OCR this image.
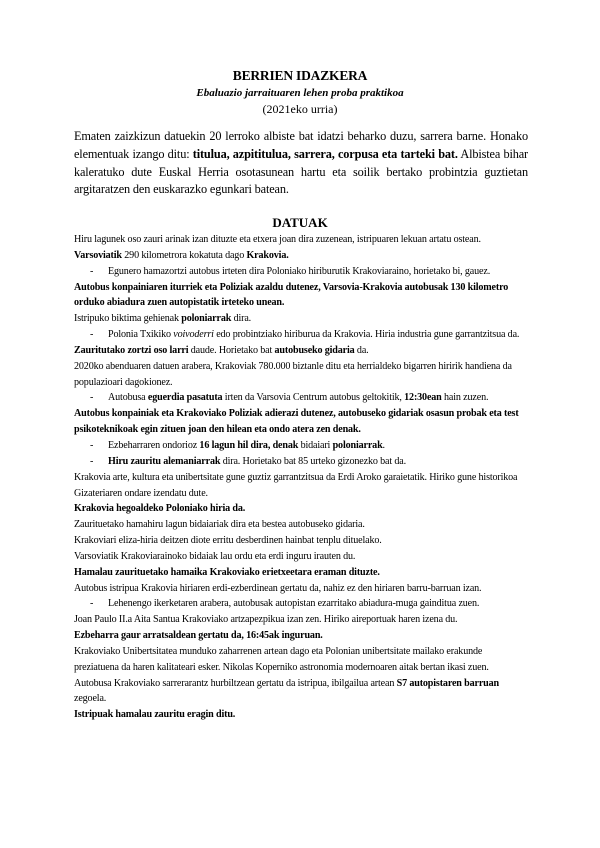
BERRIEN IDAZKERA
Ebaluazio jarraituaren lehen proba praktikoa
(2021eko urria)
Ematen zaizkizun datuekin 20 lerroko albiste bat idatzi beharko duzu, sarrera barne. Honako elementuak izango ditu: titulua, azpititulua, sarrera, corpusa eta tarteki bat. Albistea bihar kaleratuko dute Euskal Herria osotasunean hartu eta soilik bertako probintzia guztietan argitaratzen den euskarazko egunkari batean.
DATUAK

Hiru lagunek oso zauri arinak izan dituzte eta etxera joan dira zuzenean, istripuaren lekuan artatu ostean.

Varsoviatik 290 kilometrora kokatuta dago Krakovia.

- Egunero hamazortzi autobus irteten dira Poloniako hiriburutik Krakoviaraino, horietako bi, gauez.

Autobus konpainiaren iturriek eta Poliziak azaldu dutenez, Varsovia-Krakovia autobusak 130 kilometro orduko abiadura zuen autopistatik irteteko unean.

Istripuko biktima gehienak poloniarrak dira.

- Polonia Txikiko voivoderri edo probintziako hiriburua da Krakovia. Hiria industria gune garrantzitsua da.

Zauritutako zortzi oso larri daude. Horietako bat autobuseko gidaria da.

2020ko abenduaren datuen arabera, Krakoviak 780.000 biztanle ditu eta herrialdeko bigarren hiririk handiena da populazioari dagokionez.

- Autobusa eguerdia pasatuta irten da Varsovia Centrum autobus geltokitik, 12:30ean hain zuzen.

Autobus konpainiak eta Krakoviako Poliziak adierazi dutenez, autobuseko gidariak osasun probak eta test psikoteknikoak egin zituen joan den hilean eta ondo atera zen denak.

- Ezbeharraren ondorioz 16 lagun hil dira, denak bidaiari poloniarrak.
- Hiru zauritu alemaniarrak dira. Horietako bat 85 urteko gizonezko bat da.

Krakovia arte, kultura eta unibertsitate gune guztiz garrantzitsua da Erdi Aroko garaietatik. Hiriko gune historikoa Gizateriaren ondare izendatu dute.

Krakovia hegoaldeko Poloniako hiria da.

Zaurituetako hamahiru lagun bidaiariak dira eta bestea autobuseko gidaria.

Krakoviari eliza-hiria deitzen diote erritu desberdinen hainbat tenplu dituelako.

Varsoviatik Krakoviarainoko bidaiak lau ordu eta erdi inguru irauten du.

Hamalau zaurituetako hamaika Krakoviako erietxeetara eraman dituzte.

Autobus istripua Krakovia hiriaren erdi-ezberdinean gertatu da, nahiz ez den hiriaren barru-barruan izan.

- Lehenengo ikerketaren arabera, autobusak autopistan ezarritako abiadura-muga gainditua zuen.

Joan Paulo II.a Aita Santua Krakoviako artzapezpikua izan zen. Hiriko aireportuak haren izena du.

Ezbeharra gaur arratsaldean gertatu da, 16:45ak inguruan.

Krakoviako Unibertsitatea munduko zaharrenen artean dago eta Polonian unibertsitate mailako erakunde preziatuena da haren kalitateari esker. Nikolas Koperniko astronomia modernoaren aitak bertan ikasi zuen.

Autobusa Krakoviako sarrerarantz hurbiltzean gertatu da istripua, ibilgailua artean S7 autopistaren barruan zegoela.

Istripuak hamalau zauritu eragin ditu.
